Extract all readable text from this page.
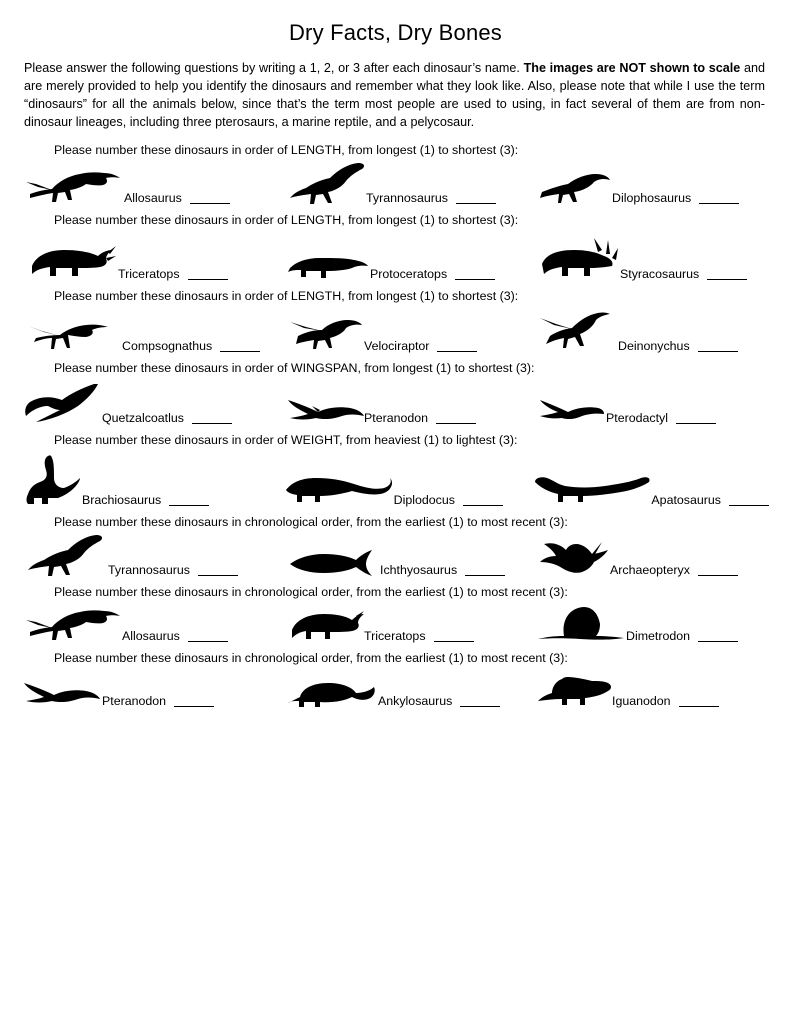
Dry Facts, Dry Bones

Please answer the following questions by writing a 1, 2, or 3 after each dinosaur’s name. The images are NOT shown to scale and are merely provided to help you identify the dinosaurs and remember what they look like. Also, please note that while I use the term “dinosaurs” for all the animals below, since that’s the term most people are used to using, in fact several of them are from non-dinosaur lineages, including three pterosaurs, a marine reptile, and a pelycosaur.

Please number these dinosaurs in order of LENGTH, from longest (1) to shortest (3):
Allosaurus	Tyrannosaurus	Dilophosaurus
Please number these dinosaurs in order of LENGTH, from longest (1) to shortest (3):
Triceratops	Protoceratops	Styracosaurus
Please number these dinosaurs in order of LENGTH, from longest (1) to shortest (3):
Compsognathus	Velociraptor	Deinonychus
Please number these dinosaurs in order of WINGSPAN, from longest (1) to shortest (3):
Quetzalcoatlus	Pteranodon	Pterodactyl
Please number these dinosaurs in order of WEIGHT, from heaviest (1) to lightest (3):
Brachiosaurus	Diplodocus	Apatosaurus
Please number these dinosaurs in chronological order, from the earliest (1) to most recent (3):
Tyrannosaurus	Ichthyosaurus	Archaeopteryx
Please number these dinosaurs in chronological order, from the earliest (1) to most recent (3):
Allosaurus	Triceratops	Dimetrodon
Please number these dinosaurs in chronological order, from the earliest (1) to most recent (3):
Pteranodon	Ankylosaurus	Iguanodon
